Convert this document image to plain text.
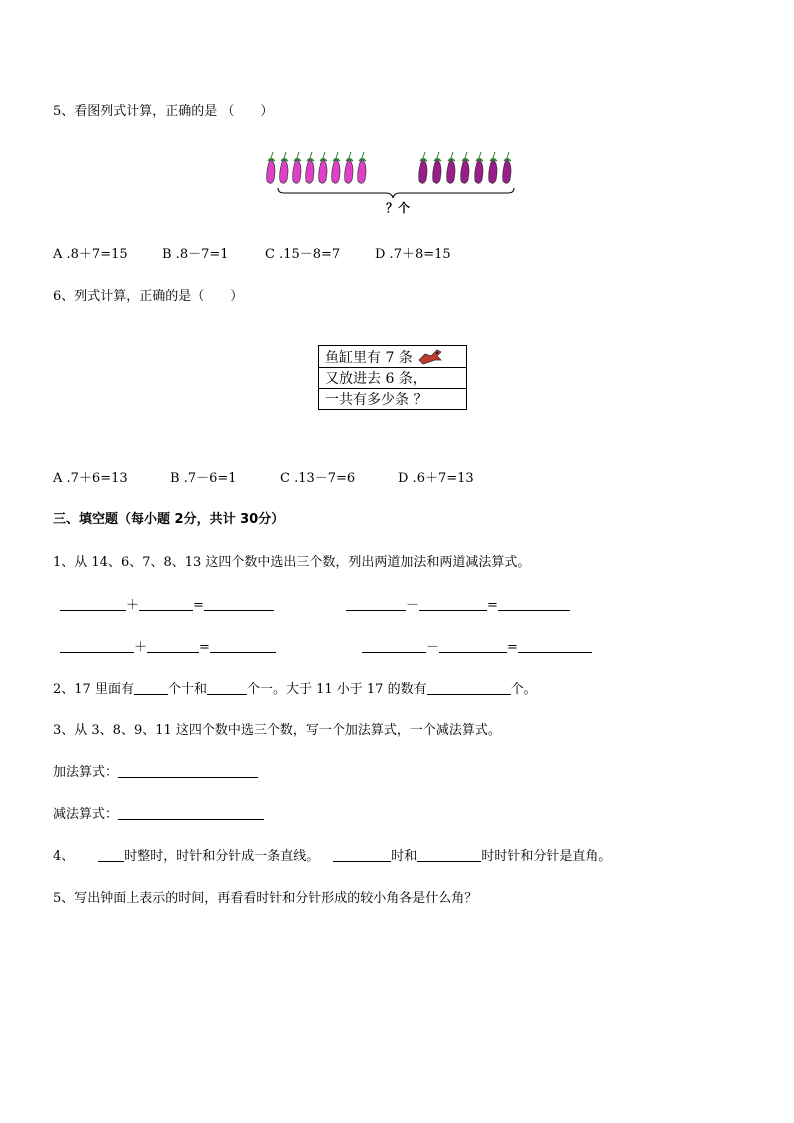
5、看图列式计算，正确的是 （　　）
？个
A .8＋7=15	B .8－7=1	C .15－8=7	D .7＋8=15
6、列式计算，正确的是（　　）
鱼缸里有 7 条
又放进去 6 条，
一共有多少条 ？
A .7＋6=13	B .7－6=1	C .13－7=6	D .6＋7=13
三、填空题（每小题 2分，共计 30分）
1、从 14、6、7、8、13 这四个数中选出三个数，列出两道加法和两道减法算式。
＋	=	－	=
＋	=	－	=
2、17 里面有	个十和	个一。大于 11 小于 17 的数有	个。
3、从 3、8、9、11 这四个数中选三个数，写一个加法算式，一个减法算式。
加法算式：
减法算式：
4、	时整时，时针和分针成一条直线。	时和	时时针和分针是直角。
5、写出钟面上表示的时间，再看看时针和分针形成的较小角各是什么角？
